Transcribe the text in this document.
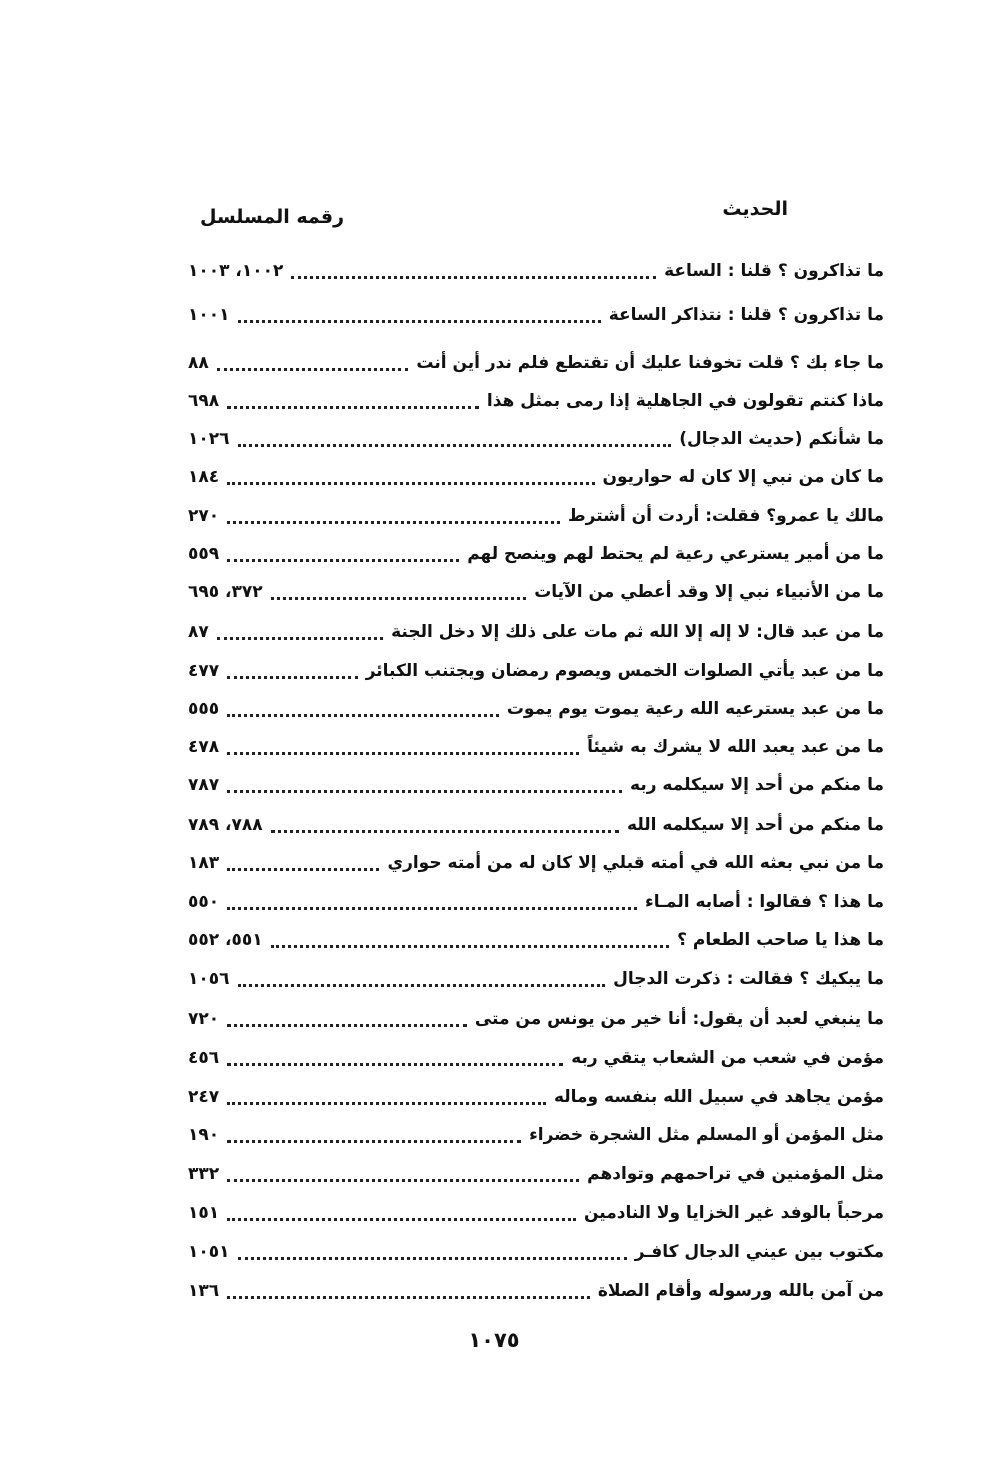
الحديث
رقمه المسلسل
ما تذاكرون ؟ قلنا : الساعة
١٠٠٢، ١٠٠٣
ما تذاكرون ؟ قلنا : نتذاكر الساعة
١٠٠١
ما جاء بك ؟ قلت تخوفنا عليك أن تقتطع فلم ندر أين أنت
٨٨
ماذا كنتم تقولون في الجاهلية إذا رمى بمثل هذا
٦٩٨
ما شأنكم (حديث الدجال)
١٠٢٦
ما كان من نبي إلا كان له حواريون
١٨٤
مالك يا عمرو؟ فقلت: أردت أن أشترط
٢٧٠
ما من أمير يسترعي رعية لم يحتط لهم وينصح لهم
٥٥٩
ما من الأنبياء نبي إلا وقد أعطي من الآيات
٣٧٢، ٦٩٥
ما من عبد قال: لا إله إلا الله ثم مات على ذلك إلا دخل الجنة
٨٧
ما من عبد يأتي الصلوات الخمس ويصوم رمضان ويجتنب الكبائر
٤٧٧
ما من عبد يسترعيه الله رعية يموت يوم يموت
٥٥٥
ما من عبد يعبد الله لا يشرك به شيئاً
٤٧٨
ما منكم من أحد إلا سيكلمه ربه
٧٨٧
ما منكم من أحد إلا سيكلمه الله
٧٨٨، ٧٨٩
ما من نبي بعثه الله في أمته قبلي إلا كان له من أمته حواري
١٨٣
ما هذا ؟ فقالوا : أصابه المـاء
٥٥٠
ما هذا يا صاحب الطعام ؟
٥٥١، ٥٥٢
ما يبكيك ؟ فقالت : ذكرت الدجال
١٠٥٦
ما ينبغي لعبد أن يقول: أنا خير من يونس من متى
٧٢٠
مؤمن في شعب من الشعاب يتقي ربه
٤٥٦
مؤمن يجاهد في سبيل الله بنفسه وماله
٢٤٧
مثل المؤمن أو المسلم مثل الشجرة خضراء
١٩٠
مثل المؤمنين في تراحمهم وتوادهم
٣٣٢
مرحباً بالوفد غير الخزايا ولا النادمين
١٥١
مكتوب بين عيني الدجال كافـر
١٠٥١
من آمن بالله ورسوله وأقام الصلاة
١٣٦
١٠٧٥
